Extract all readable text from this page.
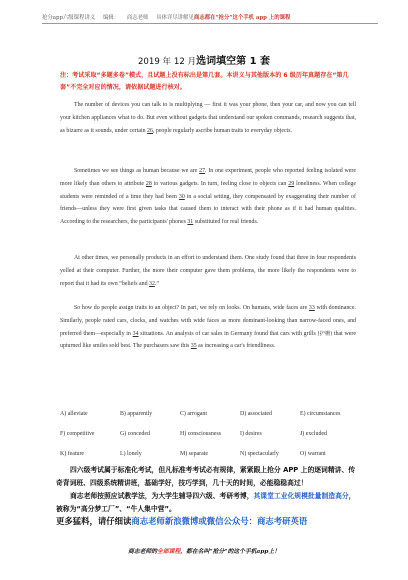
抢分app六级课程讲义 编辑： 商志老师 具体详尽讲解见商志都在“抢分”这个手机 app 上的课程
2019 年 12 月选词填空第 1 套
注：考试采取“多题多卷”模式，且试题上没有标出是第几套。本讲义与其他版本的 6 级历年真题存在“第几套”不完全对应的情况，请依据试题进行核对。
The number of devices you can talk to is multiplying — first it was your phone, then your car, and now you can tell your kitchen appliances what to do. But even without gadgets that understand our spoken commands, research suggests that, as bizarre as it sounds, under certain 26, people regularly ascribe human traits to everyday objects.
Sometimes we see things as human because we are 27. In one experiment, people who reported feeling isolated were more likely than others to attribute 28 to various gadgets. In turn, feeling close to objects can 29 loneliness. When college students were reminded of a time they had been 30 in a social setting, they compensated by exaggerating their number of friends—unless they were first given tasks that caused them to interact with their phone as if it had human qualities. According to the researchers, the participants' phones 31 substituted for real friends.
At other times, we personally products in an effort to understand them. One study found that three in four respondents yelled at their computer. Further, the more their computer gave them problems, the more likely the respondents were to report that it had its own “beliefs and 32.”
So how do people assign traits to an object? In part, we rely on looks. On humans, wide faces are 33 with dominance. Similarly, people rated cars, clocks, and watches with wide faces as more dominant-looking than narrow-faced ones, and preferred them—especially in 34 situations. An analysis of car sales in Germany found that cars with grills (护栅) that were upturned like smiles sold best. The purchasers saw this 35 as increasing a car's friendliness.
A) alleviate	B) apparently	C) arrogant	D) associated	E) circumstances
F) competitive	G) conceded	H) consciousness	I) desires	J) excluded
K) feature	L) lonely	M) separate	N) spectacularly	O) warrant
四六级考试属于标准化考试，但凡标准考考试必有规律，紧紧跟上抢分 APP 上的逐词精讲、传奇背词班、四级系统精讲班，基础学好，技巧学到，几十天的时间，必能稳稳高过！
商志老师按照应试教学法，为大学生辅导四六级、考研考博，其课堂工业化规模批量制造高分，被称为“高分梦工厂”、“牛人集中营”。
更多猛料，请仔细读商志老师新浪微博或微信公众号：商志考研英语
商志老师的全部课程，都在名叫“抢分”的这个手机app上！
